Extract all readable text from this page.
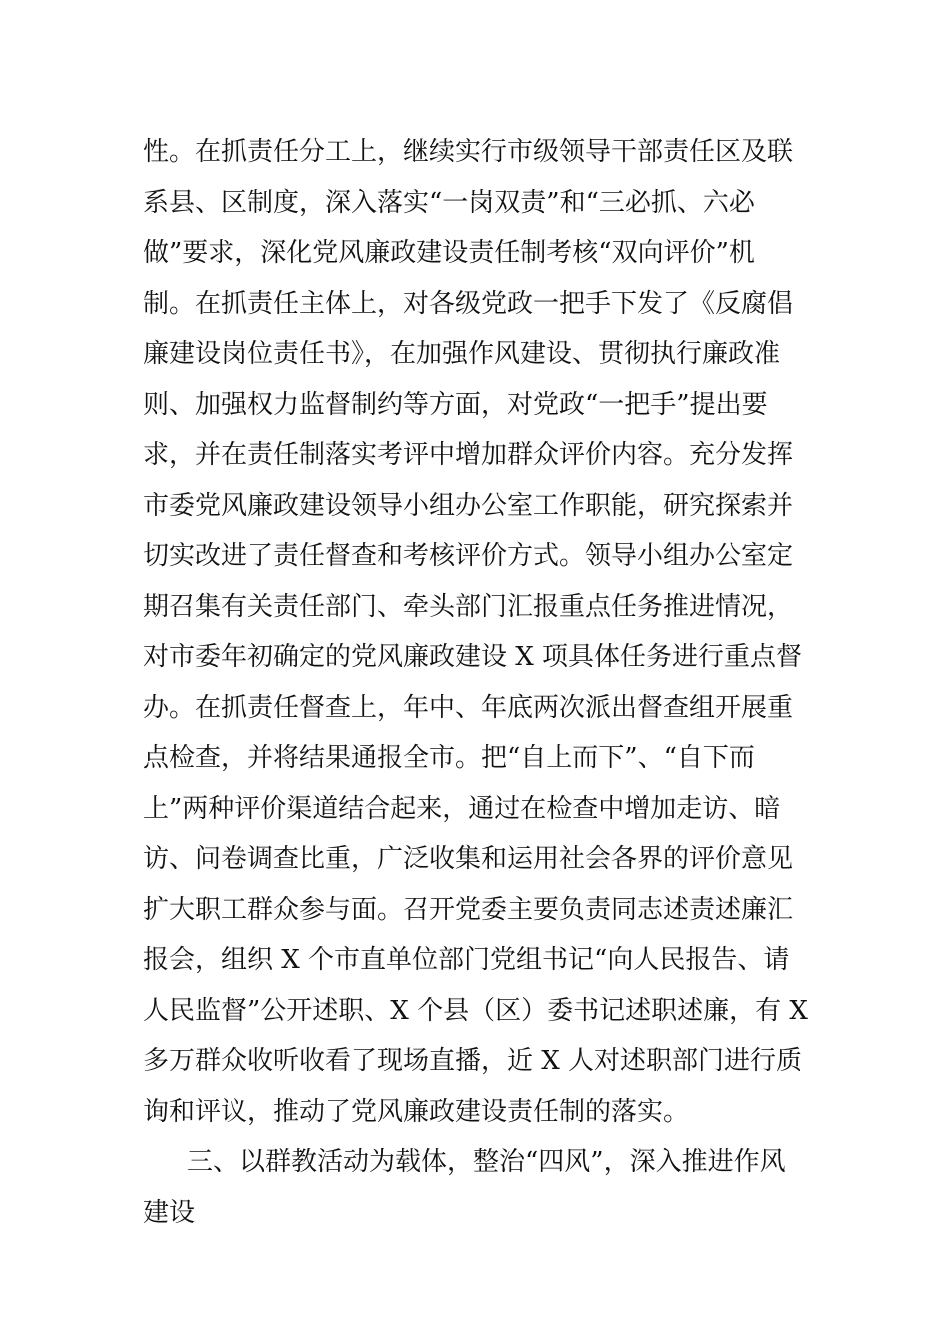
性。在抓责任分工上，继续实行市级领导干部责任区及联
系县、区制度，深入落实“一岗双责”和“三必抓、六必
做”要求，深化党风廉政建设责任制考核“双向评价”机
制。在抓责任主体上，对各级党政一把手下发了《反腐倡
廉建设岗位责任书》，在加强作风建设、贯彻执行廉政准
则、加强权力监督制约等方面，对党政“一把手”提出要
求，并在责任制落实考评中增加群众评价内容。充分发挥
市委党风廉政建设领导小组办公室工作职能，研究探索并
切实改进了责任督查和考核评价方式。领导小组办公室定
期召集有关责任部门、牵头部门汇报重点任务推进情况，
对市委年初确定的党风廉政建设 X 项具体任务进行重点督
办。在抓责任督查上，年中、年底两次派出督查组开展重
点检查，并将结果通报全市。把“自上而下”、“自下而
上”两种评价渠道结合起来，通过在检查中增加走访、暗
访、问卷调查比重，广泛收集和运用社会各界的评价意见
扩大职工群众参与面。召开党委主要负责同志述责述廉汇
报会，组织 X 个市直单位部门党组书记“向人民报告、请
人民监督”公开述职、X 个县（区）委书记述职述廉，有 X
多万群众收听收看了现场直播，近 X 人对述职部门进行质
询和评议，推动了党风廉政建设责任制的落实。
三、以群教活动为载体，整治“四风”，深入推进作风
建设
